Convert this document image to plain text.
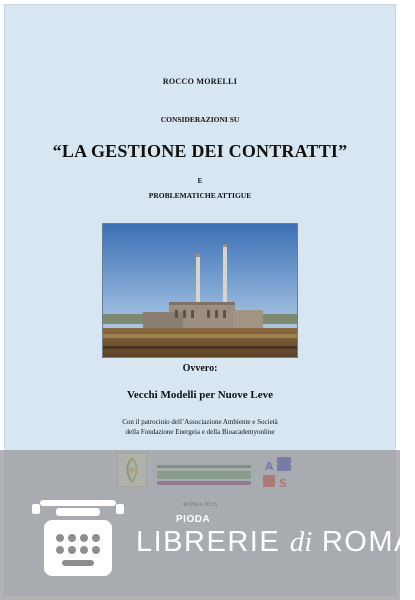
ROCCO MORELLI
CONSIDERAZIONI SU
“LA GESTIONE DEI CONTRATTI”
E
PROBLEMATICHE ATTIGUE
Ovvero:
Vecchi Modelli per Nuove Leve
Con il patrocinio dell’Associazione Ambiente e Società
della Fondazione Energeia e della Bioacademyonline
PIODA
LIBRERIE di ROMA
